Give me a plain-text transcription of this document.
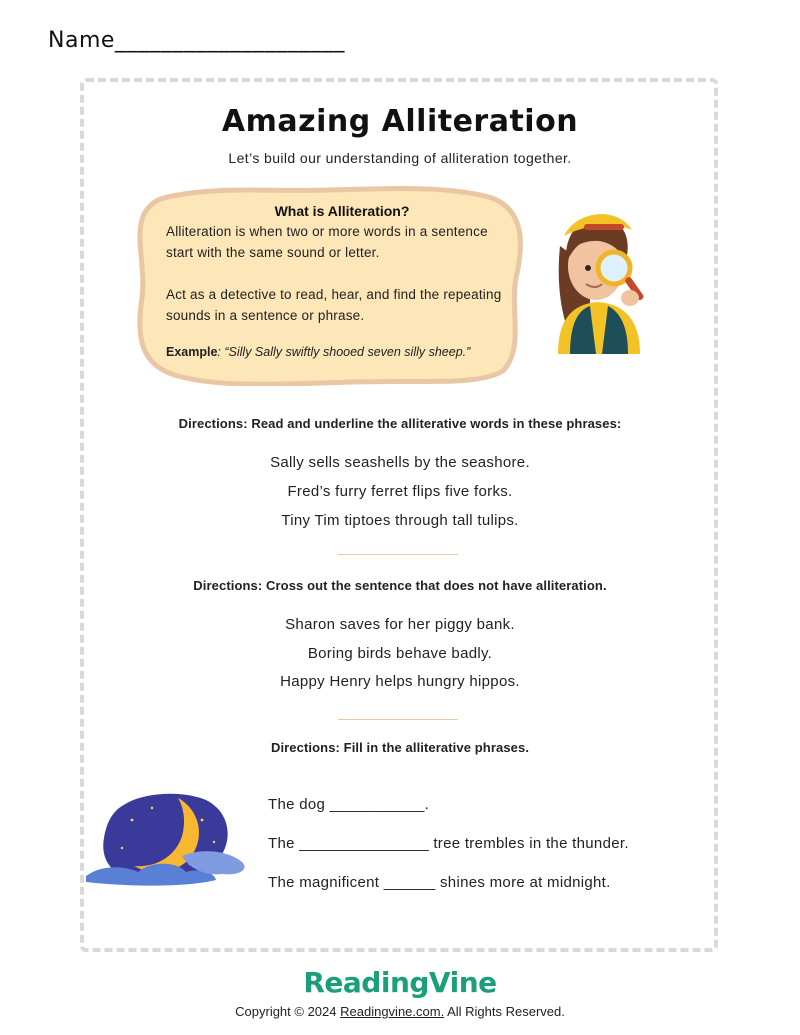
Name____________________
Amazing Alliteration
Let’s build our understanding of alliteration together.
What is Alliteration?
Alliteration is when two or more words in a sentence start with the same sound or letter.
Act as a detective to read, hear, and find the repeating sounds in a sentence or phrase.
Example: “Silly Sally swiftly shooed seven silly sheep.”
Directions: Read and underline the alliterative words in these phrases:
Sally sells seashells by the seashore.
Fred’s furry ferret flips five forks.
Tiny Tim tiptoes through tall tulips.
Directions: Cross out the sentence that does not have alliteration.
Sharon saves for her piggy bank.
Boring birds behave badly.
Happy Henry helps hungry hippos.
Directions: Fill in the alliterative phrases.
The dog ___________.
The _______________ tree trembles in the thunder.
The magnificent ______ shines more at midnight.
ReadingVine
Copyright © 2024 Readingvine.com. All Rights Reserved.
